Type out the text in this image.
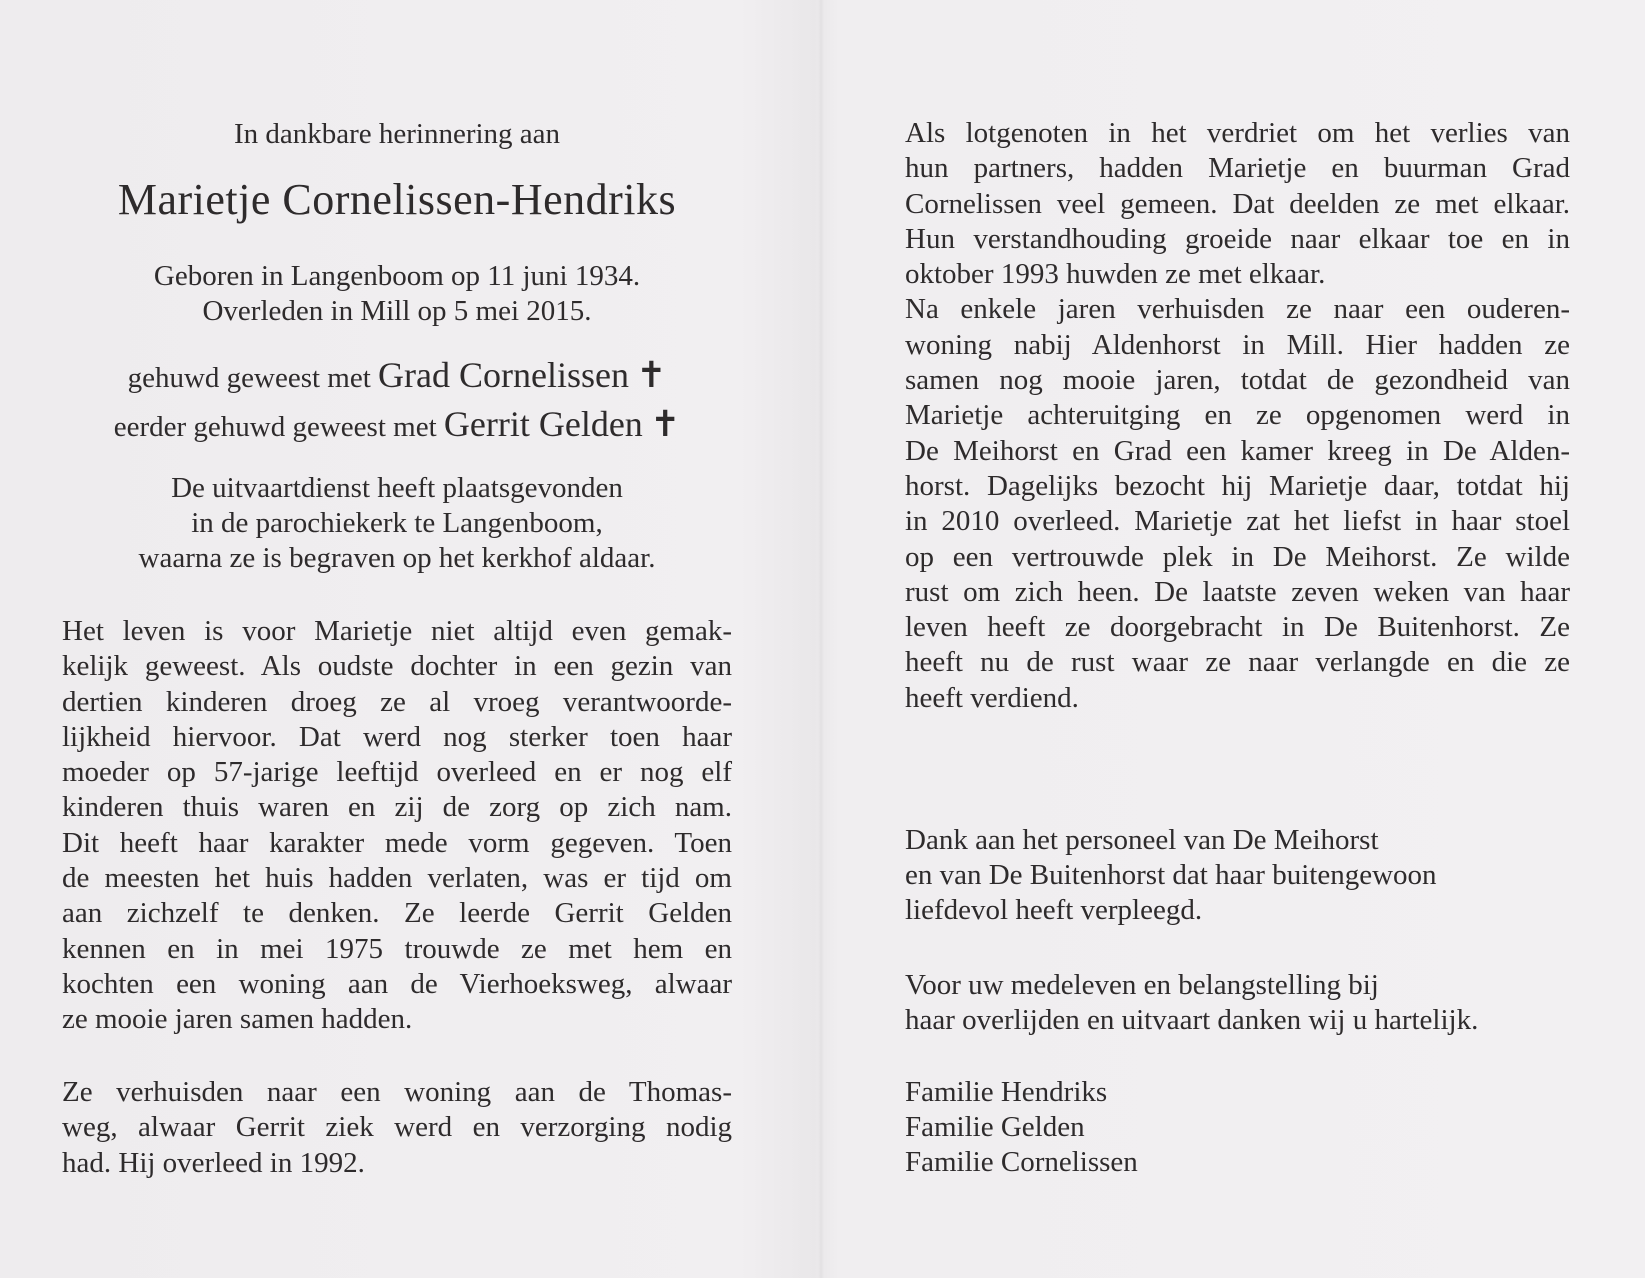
In dankbare herinnering aan
Marietje Cornelissen-Hendriks
Geboren in Langenboom op 11 juni 1934.
Overleden in Mill op 5 mei 2015.
gehuwd geweest met Grad Cornelissen ✝
eerder gehuwd geweest met Gerrit Gelden ✝
De uitvaartdienst heeft plaatsgevonden
in de parochiekerk te Langenboom,
waarna ze is begraven op het kerkhof aldaar.
Het leven is voor Marietje niet altijd even gemak-
kelijk geweest. Als oudste dochter in een gezin van
dertien kinderen droeg ze al vroeg verantwoorde-
lijkheid hiervoor. Dat werd nog sterker toen haar
moeder op 57-jarige leeftijd overleed en er nog elf
kinderen thuis waren en zij de zorg op zich nam.
Dit heeft haar karakter mede vorm gegeven. Toen
de meesten het huis hadden verlaten, was er tijd om
aan zichzelf te denken. Ze leerde Gerrit Gelden
kennen en in mei 1975 trouwde ze met hem en
kochten een woning aan de Vierhoeksweg, alwaar
ze mooie jaren samen hadden.
Ze verhuisden naar een woning aan de Thomas-
weg, alwaar Gerrit ziek werd en verzorging nodig
had. Hij overleed in 1992.
Als lotgenoten in het verdriet om het verlies van
hun partners, hadden Marietje en buurman Grad
Cornelissen veel gemeen. Dat deelden ze met elkaar.
Hun verstandhouding groeide naar elkaar toe en in
oktober 1993 huwden ze met elkaar.
Na enkele jaren verhuisden ze naar een ouderen-
woning nabij Aldenhorst in Mill. Hier hadden ze
samen nog mooie jaren, totdat de gezondheid van
Marietje achteruitging en ze opgenomen werd in
De Meihorst en Grad een kamer kreeg in De Alden-
horst. Dagelijks bezocht hij Marietje daar, totdat hij
in 2010 overleed. Marietje zat het liefst in haar stoel
op een vertrouwde plek in De Meihorst. Ze wilde
rust om zich heen. De laatste zeven weken van haar
leven heeft ze doorgebracht in De Buitenhorst. Ze
heeft nu de rust waar ze naar verlangde en die ze
heeft verdiend.
Dank aan het personeel van De Meihorst
en van De Buitenhorst dat haar buitengewoon
liefdevol heeft verpleegd.
Voor uw medeleven en belangstelling bij
haar overlijden en uitvaart danken wij u hartelijk.
Familie Hendriks
Familie Gelden
Familie Cornelissen
